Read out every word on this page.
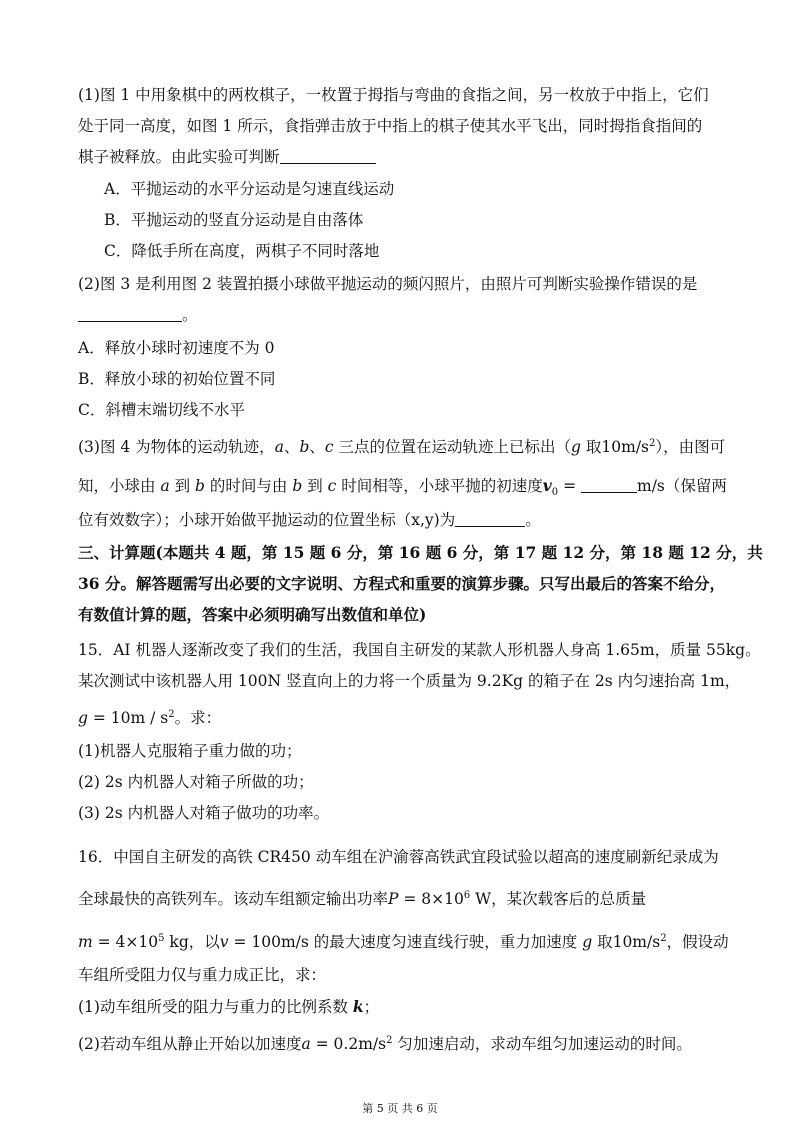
(1)图 1 中用象棋中的两枚棋子，一枚置于拇指与弯曲的食指之间，另一枚放于中指上，它们
处于同一高度，如图 1 所示，食指弹击放于中指上的棋子使其水平飞出，同时拇指食指间的
棋子被释放。由此实验可判断
A．平抛运动的水平分运动是匀速直线运动
B．平抛运动的竖直分运动是自由落体
C．降低手所在高度，两棋子不同时落地
(2)图 3 是利用图 2 装置拍摄小球做平抛运动的频闪照片，由照片可判断实验操作错误的是
。
A．释放小球时初速度不为 0
B．释放小球的初始位置不同
C．斜槽末端切线不水平
(3)图 4 为物体的运动轨迹，a、b、c 三点的位置在运动轨迹上已标出（g 取$10m/s^2$），由图可
知，小球由 a 到 b 的时间与由 b 到 c 时间相等，小球平抛的初速度$v_0$ =	m/s（保留两
位有效数字）；小球开始做平抛运动的位置坐标（x,y)为	。
三、计算题(本题共 4 题，第 15 题 6 分，第 16 题 6 分，第 17 题 12 分，第 18 题 12 分，共
36 分。解答题需写出必要的文字说明、方程式和重要的演算步骤。只写出最后的答案不给分，
有数值计算的题，答案中必须明确写出数值和单位)
15．AI 机器人逐渐改变了我们的生活，我国自主研发的某款人形机器人身高 1.65m，质量 55kg。
某次测试中该机器人用 100N 竖直向上的力将一个质量为 9.2Kg 的箱子在 2s 内匀速抬高 1m，
$g = 10m / s^2$。求：
(1)机器人克服箱子重力做的功；
(2) 2s 内机器人对箱子所做的功；
(3) 2s 内机器人对箱子做功的功率。
16．中国自主研发的高铁 CR450 动车组在沪渝蓉高铁武宜段试验以超高的速度刷新纪录成为
全球最快的高铁列车。该动车组额定输出功率$P = 8\times 10^6$ W，某次载客后的总质量
$m = 4\times 10^5$ kg，以v = 100m/s 的最大速度匀速直线行驶，重力加速度 g 取$10m/s^2$，假设动
车组所受阻力仅与重力成正比，求：
(1)动车组所受的阻力与重力的比例系数 k；
(2)若动车组从静止开始以加速度$a = 0.2m/s^2$ 匀加速启动，求动车组匀加速运动的时间。
第 5 页 共 6 页
